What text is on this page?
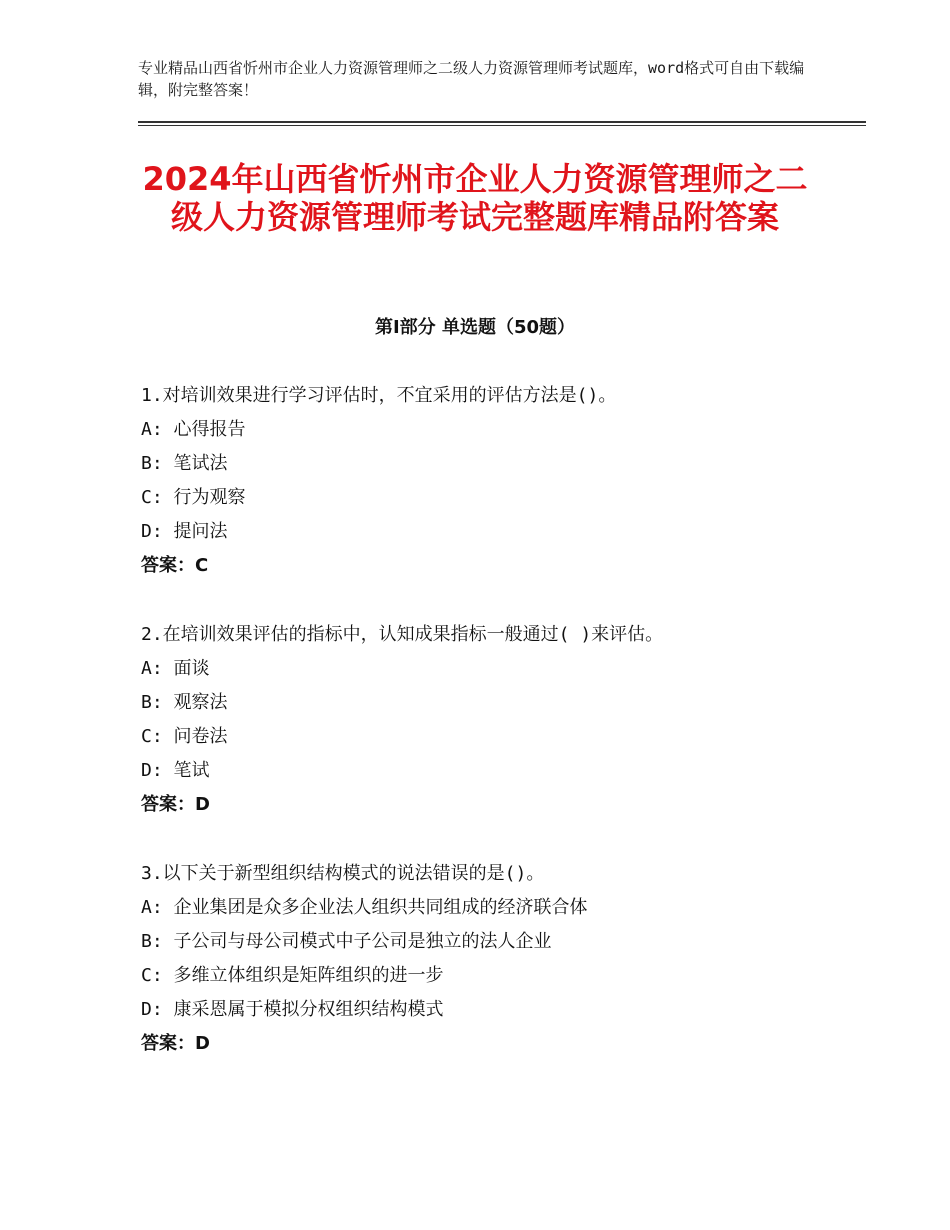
专业精品山西省忻州市企业人力资源管理师之二级人力资源管理师考试题库，word格式可自由下载编辑，附完整答案！
2024年山西省忻州市企业人力资源管理师之二级人力资源管理师考试完整题库精品附答案
第Ⅰ部分 单选题（50题）
1.对培训效果进行学习评估时，不宜采用的评估方法是()。
A: 心得报告
B: 笔试法
C: 行为观察
D: 提问法
答案：C
2.在培训效果评估的指标中，认知成果指标一般通过( )来评估。
A: 面谈
B: 观察法
C: 问卷法
D: 笔试
答案：D
3.以下关于新型组织结构模式的说法错误的是()。
A: 企业集团是众多企业法人组织共同组成的经济联合体
B: 子公司与母公司模式中子公司是独立的法人企业
C: 多维立体组织是矩阵组织的进一步
D: 康采恩属于模拟分权组织结构模式
答案：D
